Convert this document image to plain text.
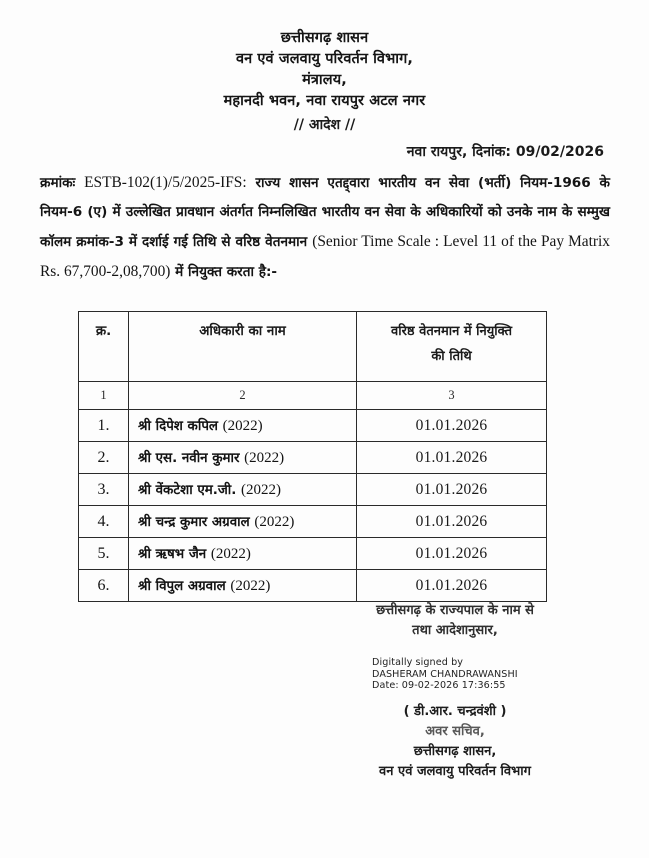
छत्तीसगढ़ शासन
वन एवं जलवायु परिवर्तन विभाग,
मंत्रालय,
महानदी भवन, नवा रायपुर अटल नगर
// आदेश //
नवा रायपुर, दिनांक: 09/02/2026
क्रमांकः ESTB-102(1)/5/2025-IFS: राज्य शासन एतद्द्वारा भारतीय वन सेवा (भर्ती) नियम-1966 के नियम-6 (ए) में उल्लेखित प्रावधान अंतर्गत निम्नलिखित भारतीय वन सेवा के अधिकारियों को उनके नाम के सम्मुख कॉलम क्रमांक-3 में दर्शाई गई तिथि से वरिष्ठ वेतनमान (Senior Time Scale : Level 11 of the Pay Matrix Rs. 67,700-2,08,700) में नियुक्त करता है:-
क्र.	अधिकारी का नाम	वरिष्ठ वेतनमान में नियुक्ति
की तिथि

1	2	3
1.	श्री दिपेश कपिल (2022)	01.01.2026
2.	श्री एस. नवीन कुमार (2022)	01.01.2026
3.	श्री वेंकटेशा एम.जी. (2022)	01.01.2026
4.	श्री चन्द्र कुमार अग्रवाल (2022)	01.01.2026
5.	श्री ऋषभ जैन (2022)	01.01.2026
6.	श्री विपुल अग्रवाल (2022)	01.01.2026
छत्तीसगढ़ के राज्यपाल के नाम से
तथा आदेशानुसार,
Digitally signed by
DASHERAM CHANDRAWANSHI
Date: 09-02-2026 17:36:55
( डी.आर. चन्द्रवंशी )
अवर सचिव,
छत्तीसगढ़ शासन,
वन एवं जलवायु परिवर्तन विभाग
